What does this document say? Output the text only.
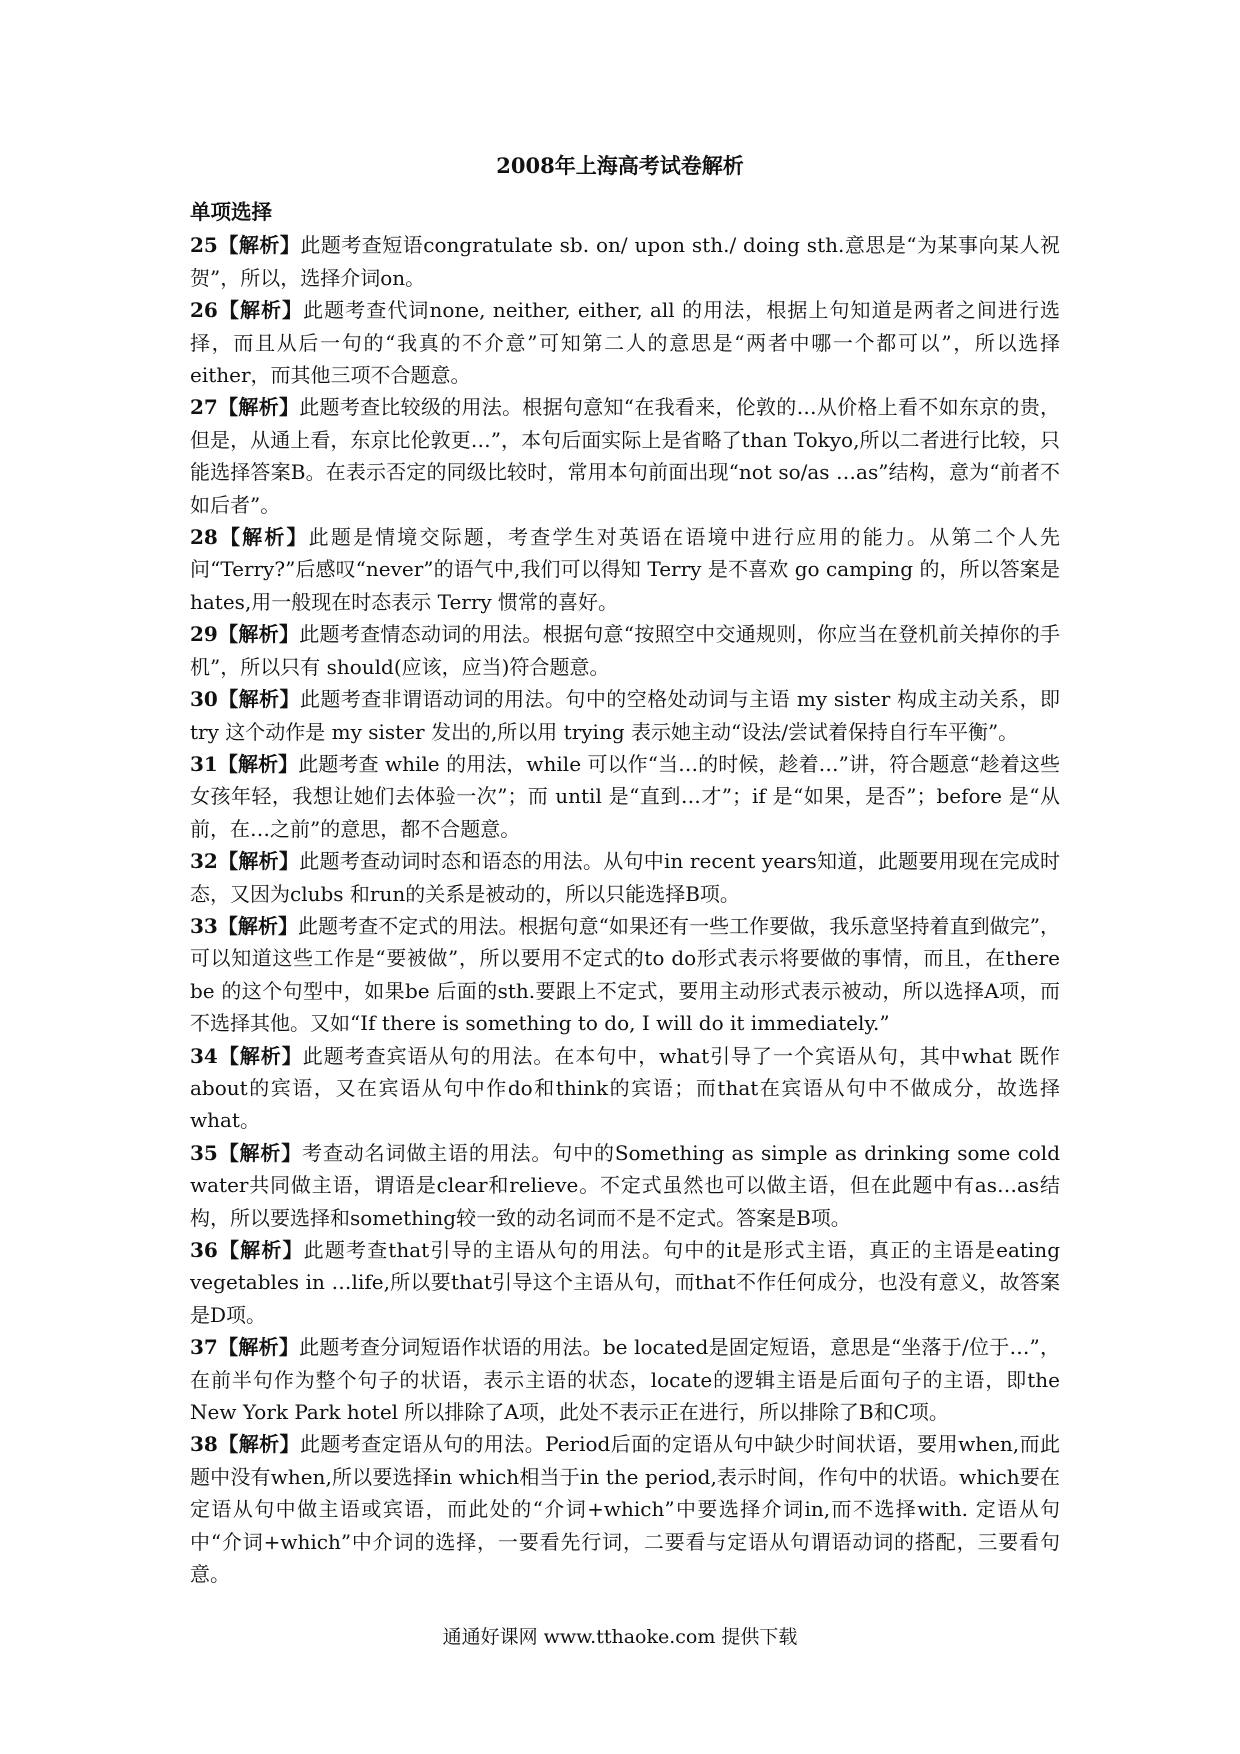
2008年上海高考试卷解析
单项选择

25【解析】此题考查短语congratulate sb. on/ upon sth./ doing sth.意思是“为某事向某人祝贺”，所以，选择介词on。

26【解析】此题考查代词none, neither, either, all 的用法，根据上句知道是两者之间进行选择，而且从后一句的“我真的不介意”可知第二人的意思是“两者中哪一个都可以”，所以选择either，而其他三项不合题意。

27【解析】此题考查比较级的用法。根据句意知“在我看来，伦敦的…从价格上看不如东京的贵，但是，从通上看，东京比伦敦更…”，本句后面实际上是省略了than Tokyo,所以二者进行比较，只能选择答案B。在表示否定的同级比较时，常用本句前面出现“not so/as …as”结构，意为“前者不如后者”。

28【解析】此题是情境交际题，考查学生对英语在语境中进行应用的能力。从第二个人先问“Terry?”后感叹“never”的语气中,我们可以得知 Terry 是不喜欢 go camping 的，所以答案是hates,用一般现在时态表示 Terry 惯常的喜好。

29【解析】此题考查情态动词的用法。根据句意“按照空中交通规则，你应当在登机前关掉你的手机”，所以只有 should(应该，应当)符合题意。

30【解析】此题考查非谓语动词的用法。句中的空格处动词与主语 my sister 构成主动关系，即 try 这个动作是 my sister 发出的,所以用 trying 表示她主动“设法/尝试着保持自行车平衡”。

31【解析】此题考查 while 的用法，while 可以作“当…的时候，趁着…”讲，符合题意“趁着这些女孩年轻，我想让她们去体验一次”；而 until 是“直到…才”；if 是“如果，是否”；before 是“从前，在…之前”的意思，都不合题意。

32【解析】此题考查动词时态和语态的用法。从句中in recent years知道，此题要用现在完成时态，又因为clubs 和run的关系是被动的，所以只能选择B项。

33【解析】此题考查不定式的用法。根据句意“如果还有一些工作要做，我乐意坚持着直到做完”，可以知道这些工作是“要被做”，所以要用不定式的to do形式表示将要做的事情，而且，在there be 的这个句型中，如果be 后面的sth.要跟上不定式，要用主动形式表示被动，所以选择A项，而不选择其他。又如“If there is something to do, I will do it immediately.”

34【解析】此题考查宾语从句的用法。在本句中，what引导了一个宾语从句，其中what 既作about的宾语，又在宾语从句中作do和think的宾语；而that在宾语从句中不做成分，故选择what。

35【解析】考查动名词做主语的用法。句中的Something as simple as drinking some cold water共同做主语，谓语是clear和relieve。不定式虽然也可以做主语，但在此题中有as…as结构，所以要选择和something较一致的动名词而不是不定式。答案是B项。

36【解析】此题考查that引导的主语从句的用法。句中的it是形式主语，真正的主语是eating vegetables in …life,所以要that引导这个主语从句，而that不作任何成分，也没有意义，故答案是D项。

37【解析】此题考查分词短语作状语的用法。be located是固定短语，意思是“坐落于/位于…”，在前半句作为整个句子的状语，表示主语的状态，locate的逻辑主语是后面句子的主语，即the New York Park hotel 所以排除了A项，此处不表示正在进行，所以排除了B和C项。

38【解析】此题考查定语从句的用法。Period后面的定语从句中缺少时间状语，要用when,而此题中没有when,所以要选择in which相当于in the period,表示时间，作句中的状语。which要在定语从句中做主语或宾语，而此处的“介词+which”中要选择介词in,而不选择with. 定语从句中“介词+which”中介词的选择，一要看先行词，二要看与定语从句谓语动词的搭配，三要看句意。

通通好课网 www.tthaoke.com 提供下载
